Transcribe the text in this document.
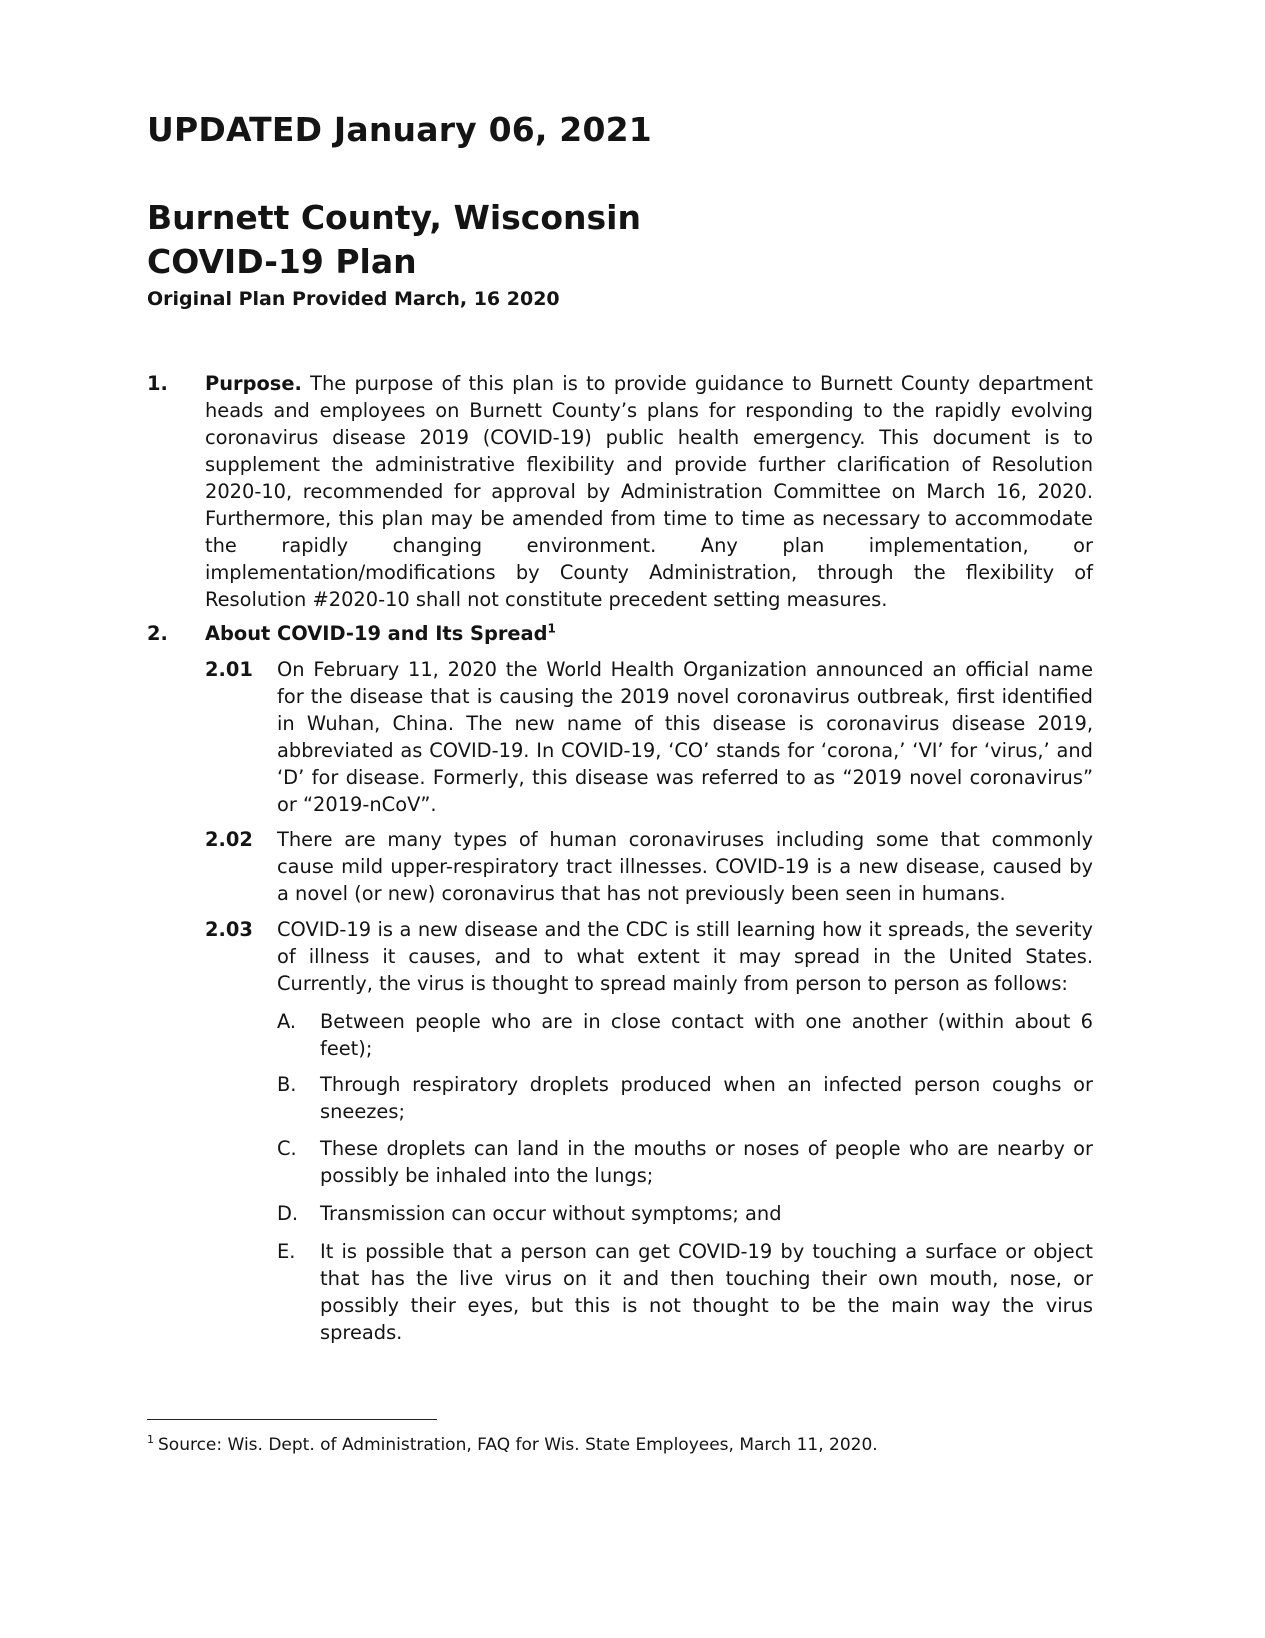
UPDATED January 06, 2021
Burnett County, Wisconsin
COVID-19 Plan
Original Plan Provided March, 16 2020
1. Purpose. The purpose of this plan is to provide guidance to Burnett County department heads and employees on Burnett County’s plans for responding to the rapidly evolving coronavirus disease 2019 (COVID-19) public health emergency. This document is to supplement the administrative flexibility and provide further clarification of Resolution 2020-10, recommended for approval by Administration Committee on March 16, 2020. Furthermore, this plan may be amended from time to time as necessary to accommodate the rapidly changing environment. Any plan implementation, or implementation/modifications by County Administration, through the flexibility of Resolution #2020-10 shall not constitute precedent setting measures.
2. About COVID-19 and Its Spread$^1$
2.01 On February 11, 2020 the World Health Organization announced an official name for the disease that is causing the 2019 novel coronavirus outbreak, first identified in Wuhan, China. The new name of this disease is coronavirus disease 2019, abbreviated as COVID-19. In COVID-19, ‘CO’ stands for ‘corona,’ ‘VI’ for ‘virus,’ and ‘D’ for disease. Formerly, this disease was referred to as “2019 novel coronavirus” or “2019-nCoV”.
2.02 There are many types of human coronaviruses including some that commonly cause mild upper-respiratory tract illnesses. COVID-19 is a new disease, caused by a novel (or new) coronavirus that has not previously been seen in humans.
2.03 COVID-19 is a new disease and the CDC is still learning how it spreads, the severity of illness it causes, and to what extent it may spread in the United States. Currently, the virus is thought to spread mainly from person to person as follows:
A. Between people who are in close contact with one another (within about 6 feet);
B. Through respiratory droplets produced when an infected person coughs or sneezes;
C. These droplets can land in the mouths or noses of people who are nearby or possibly be inhaled into the lungs;
D. Transmission can occur without symptoms; and
E. It is possible that a person can get COVID-19 by touching a surface or object that has the live virus on it and then touching their own mouth, nose, or possibly their eyes, but this is not thought to be the main way the virus spreads.
$^1$ Source: Wis. Dept. of Administration, FAQ for Wis. State Employees, March 11, 2020.
